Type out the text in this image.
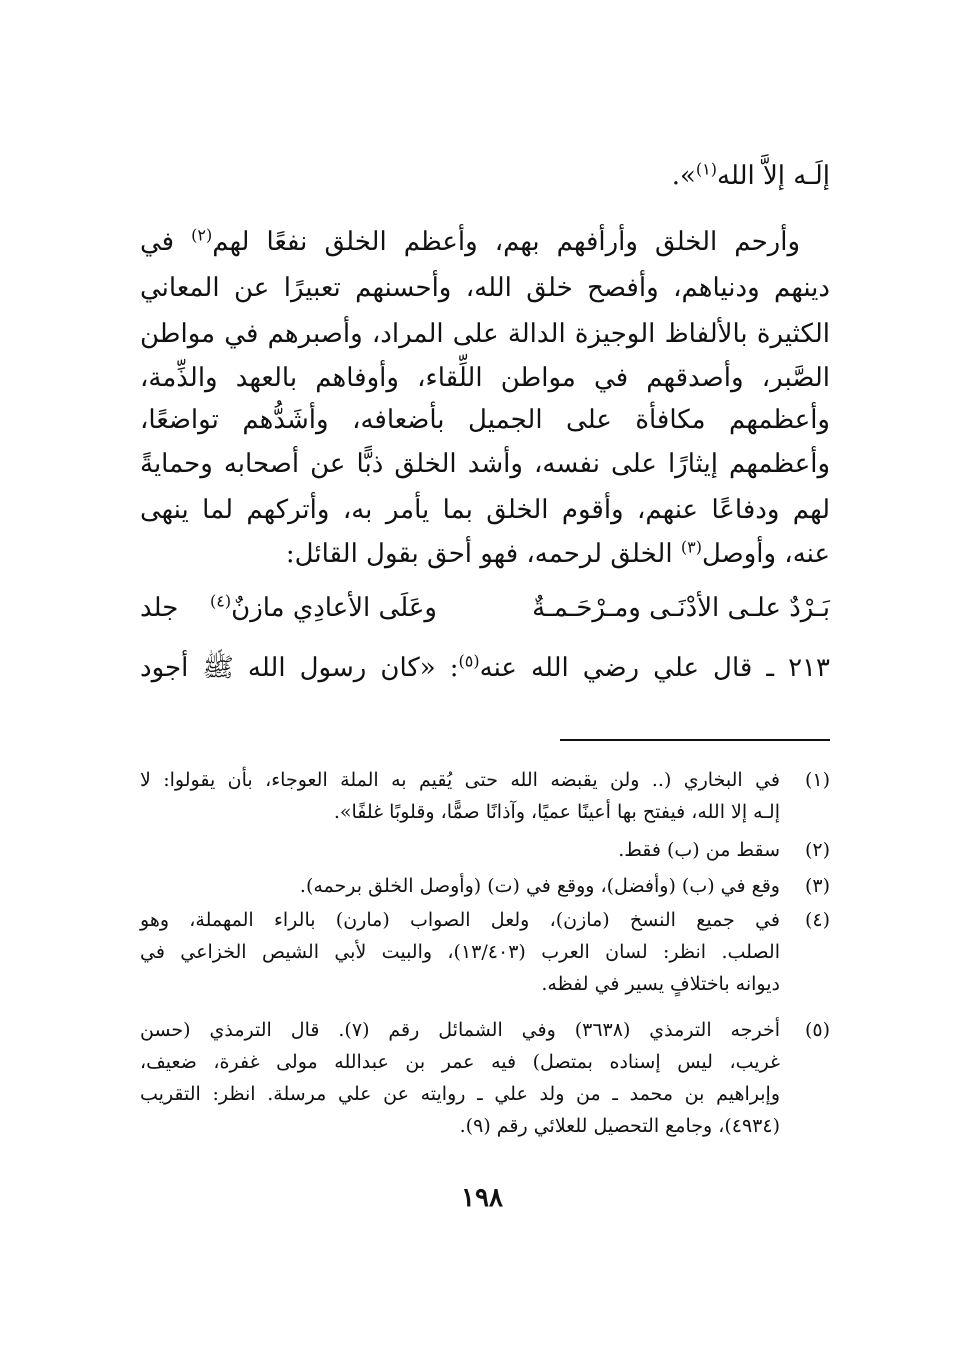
إلَـه إلاَّ الله$^{(١)}$».
وأرحم الخلق وأرأفهم بهم، وأعظم الخلق نفعًا لهم$^{(٢)}$ في
دينهم ودنياهم، وأفصح خلق الله، وأحسنهم تعبيرًا عن المعاني
الكثيرة بالألفاظ الوجيزة الدالة على المراد، وأصبرهم في مواطن
الصَّبر، وأصدقهم في مواطن اللِّقاء، وأوفاهم بالعهد والذِّمة،
وأعظمهم مكافأة على الجميل بأضعافه، وأشَدُّهم تواضعًا،
وأعظمهم إيثارًا على نفسه، وأشد الخلق ذبًّا عن أصحابه وحمايةً
لهم ودفاعًا عنهم، وأقوم الخلق بما يأمر به، وأتركهم لما ينهى
عنه، وأوصل$^{(٣)}$ الخلق لرحمه، فهو أحق بقول القائل:
بَـرْدٌ علـى الأدْنَـى ومـرْحَـمـةٌ
وعَلَى الأعادِي مازنٌ$^{(٤)}$
جلد
٢١٣ ـ قال علي رضي الله عنه$^{(٥)}$: «كان رسول الله ﷺ أجود
(١)
في البخاري (.. ولن يقبضه الله حتى يُقيم به الملة العوجاء، بأن يقولوا: لا
إلـه إلا الله، فيفتح بها أعينًا عميًا، وآذانًا صمًّا، وقلوبًا غلفًا».
(٢)
سقط من (ب) فقط.
(٣)
وقع في (ب) (وأفضل)، ووقع في (ت) (وأوصل الخلق برحمه).
(٤)
في جميع النسخ (مازن)، ولعل الصواب (مارن) بالراء المهملة، وهو
الصلب. انظر: لسان العرب (١٣/٤٠٣)، والبيت لأبي الشيص الخزاعي في
ديوانه باختلافٍ يسير في لفظه.
(٥)
أخرجه الترمذي (٣٦٣٨) وفي الشمائل رقم (٧). قال الترمذي (حسن
غريب، ليس إسناده بمتصل) فيه عمر بن عبدالله مولى غفرة، ضعيف،
وإبراهيم بن محمد ـ من ولد علي ـ روايته عن علي مرسلة. انظر: التقريب
(٤٩٣٤)، وجامع التحصيل للعلائي رقم (٩).
١٩٨
